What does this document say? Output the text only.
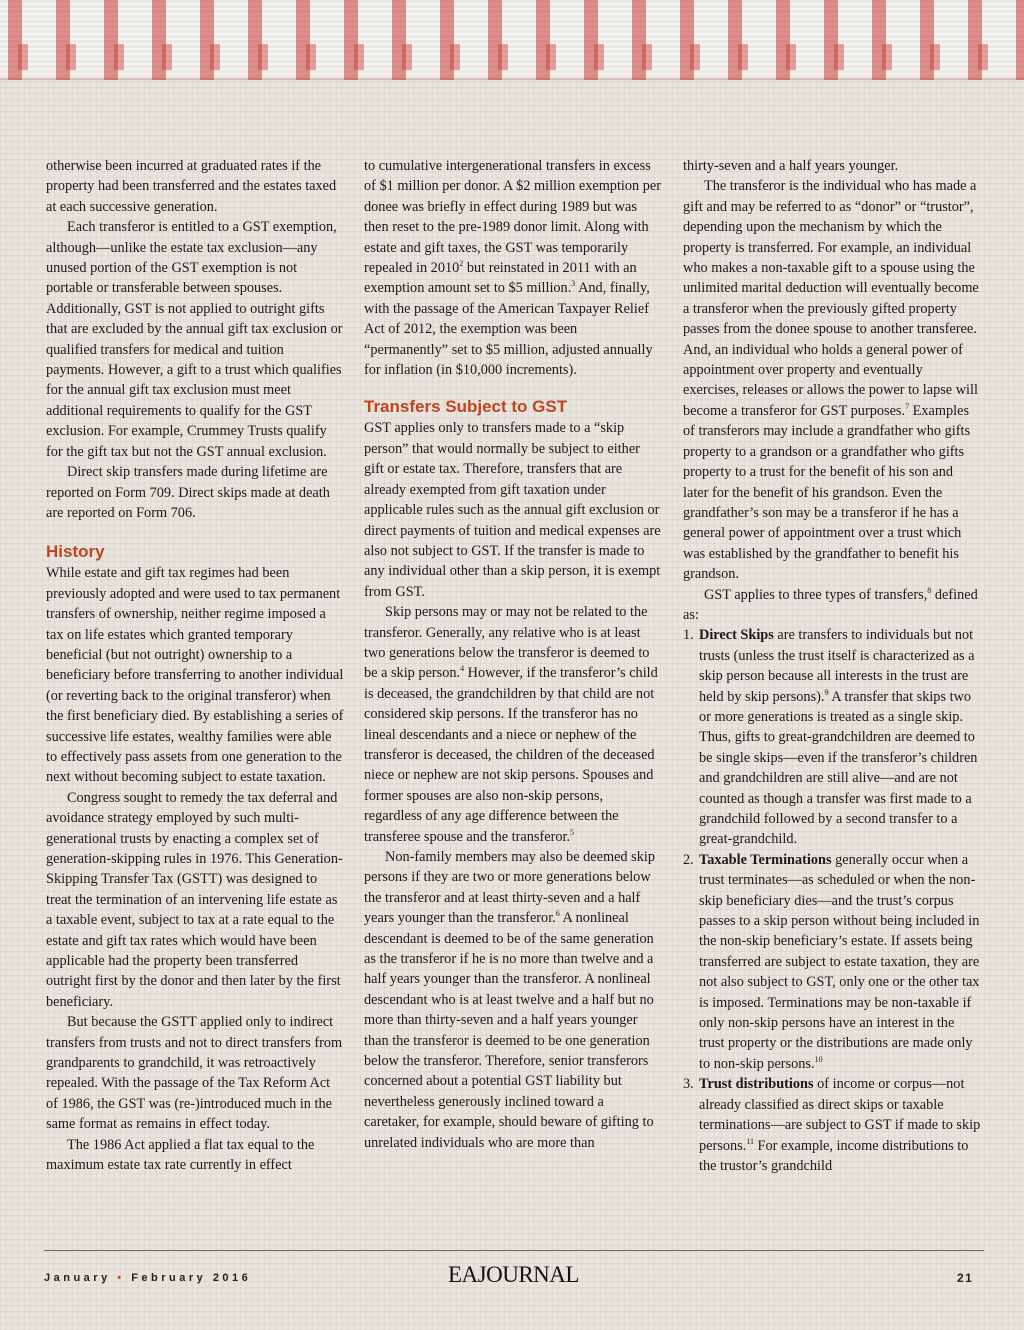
otherwise been incurred at graduated rates if the property had been transferred and the estates taxed at each successive generation.

Each transferor is entitled to a GST exemption, although—unlike the estate tax exclusion—any unused portion of the GST exemption is not portable or transferable between spouses. Additionally, GST is not applied to outright gifts that are excluded by the annual gift tax exclusion or qualified transfers for medical and tuition payments. However, a gift to a trust which qualifies for the annual gift tax exclusion must meet additional requirements to qualify for the GST exclusion. For example, Crummey Trusts qualify for the gift tax but not the GST annual exclusion.

Direct skip transfers made during lifetime are reported on Form 709. Direct skips made at death are reported on Form 706.

History

While estate and gift tax regimes had been previously adopted and were used to tax permanent transfers of ownership, neither regime imposed a tax on life estates which granted temporary beneficial (but not outright) ownership to a beneficiary before transferring to another individual (or reverting back to the original transferor) when the first beneficiary died. By establishing a series of successive life estates, wealthy families were able to effectively pass assets from one generation to the next without becoming subject to estate taxation.

Congress sought to remedy the tax deferral and avoidance strategy employed by such multi-generational trusts by enacting a complex set of generation-skipping rules in 1976. This Generation-Skipping Transfer Tax (GSTT) was designed to treat the termination of an intervening life estate as a taxable event, subject to tax at a rate equal to the estate and gift tax rates which would have been applicable had the property been transferred outright first by the donor and then later by the first beneficiary.

But because the GSTT applied only to indirect transfers from trusts and not to direct transfers from grandparents to grandchild, it was retroactively repealed. With the passage of the Tax Reform Act of 1986, the GST was (re-)introduced much in the same format as remains in effect today.

The 1986 Act applied a flat tax equal to the maximum estate tax rate currently in effect

to cumulative intergenerational transfers in excess of $1 million per donor. A $2 million exemption per donee was briefly in effect during 1989 but was then reset to the pre-1989 donor limit. Along with estate and gift taxes, the GST was temporarily repealed in 2010$^2$ but reinstated in 2011 with an exemption amount set to $5 million.$^3$ And, finally, with the passage of the American Taxpayer Relief Act of 2012, the exemption was been “permanently” set to $5 million, adjusted annually for inflation (in $10,000 increments).

Transfers Subject to GST

GST applies only to transfers made to a “skip person” that would normally be subject to either gift or estate tax. Therefore, transfers that are already exempted from gift taxation under applicable rules such as the annual gift exclusion or direct payments of tuition and medical expenses are also not subject to GST. If the transfer is made to any individual other than a skip person, it is exempt from GST.

Skip persons may or may not be related to the transferor. Generally, any relative who is at least two generations below the transferor is deemed to be a skip person.$^4$ However, if the transferor’s child is deceased, the grandchildren by that child are not considered skip persons. If the transferor has no lineal descendants and a niece or nephew of the transferor is deceased, the children of the deceased niece or nephew are not skip persons. Spouses and former spouses are also non-skip persons, regardless of any age difference between the transferee spouse and the transferor.$^5$

Non-family members may also be deemed skip persons if they are two or more generations below the transferor and at least thirty-seven and a half years younger than the transferor.$^6$ A nonlineal descendant is deemed to be of the same generation as the transferor if he is no more than twelve and a half years younger than the transferor. A nonlineal descendant who is at least twelve and a half but no more than thirty-seven and a half years younger than the transferor is deemed to be one generation below the transferor. Therefore, senior transferors concerned about a potential GST liability but nevertheless generously inclined toward a caretaker, for example, should beware of gifting to unrelated individuals who are more than

thirty-seven and a half years younger.

The transferor is the individual who has made a gift and may be referred to as “donor” or “trustor”, depending upon the mechanism by which the property is transferred. For example, an individual who makes a non-taxable gift to a spouse using the unlimited marital deduction will eventually become a transferor when the previously gifted property passes from the donee spouse to another transferee. And, an individual who holds a general power of appointment over property and eventually exercises, releases or allows the power to lapse will become a transferor for GST purposes.$^7$ Examples of transferors may include a grandfather who gifts property to a grandson or a grandfather who gifts property to a trust for the benefit of his son and later for the benefit of his grandson. Even the grandfather’s son may be a transferor if he has a general power of appointment over a trust which was established by the grandfather to benefit his grandson.

GST applies to three types of transfers,$^8$ defined as:

1. Direct Skips are transfers to individuals but not trusts (unless the trust itself is characterized as a skip person because all interests in the trust are held by skip persons).$^9$ A transfer that skips two or more generations is treated as a single skip. Thus, gifts to great-grandchildren are deemed to be single skips—even if the transferor’s children and grandchildren are still alive—and are not counted as though a transfer was first made to a grandchild followed by a second transfer to a great-grandchild.
2. Taxable Terminations generally occur when a trust terminates—as scheduled or when the non-skip beneficiary dies—and the trust’s corpus passes to a skip person without being included in the non-skip beneficiary’s estate. If assets being transferred are subject to estate taxation, they are not also subject to GST, only one or the other tax is imposed. Terminations may be non-taxable if only non-skip persons have an interest in the trust property or the distributions are made only to non-skip persons.$^{10}$
3. Trust distributions of income or corpus—not already classified as direct skips or taxable terminations—are subject to GST if made to skip persons.$^{11}$ For example, income distributions to the trustor’s grandchild
January • February 2016	EAJOURNAL	21
